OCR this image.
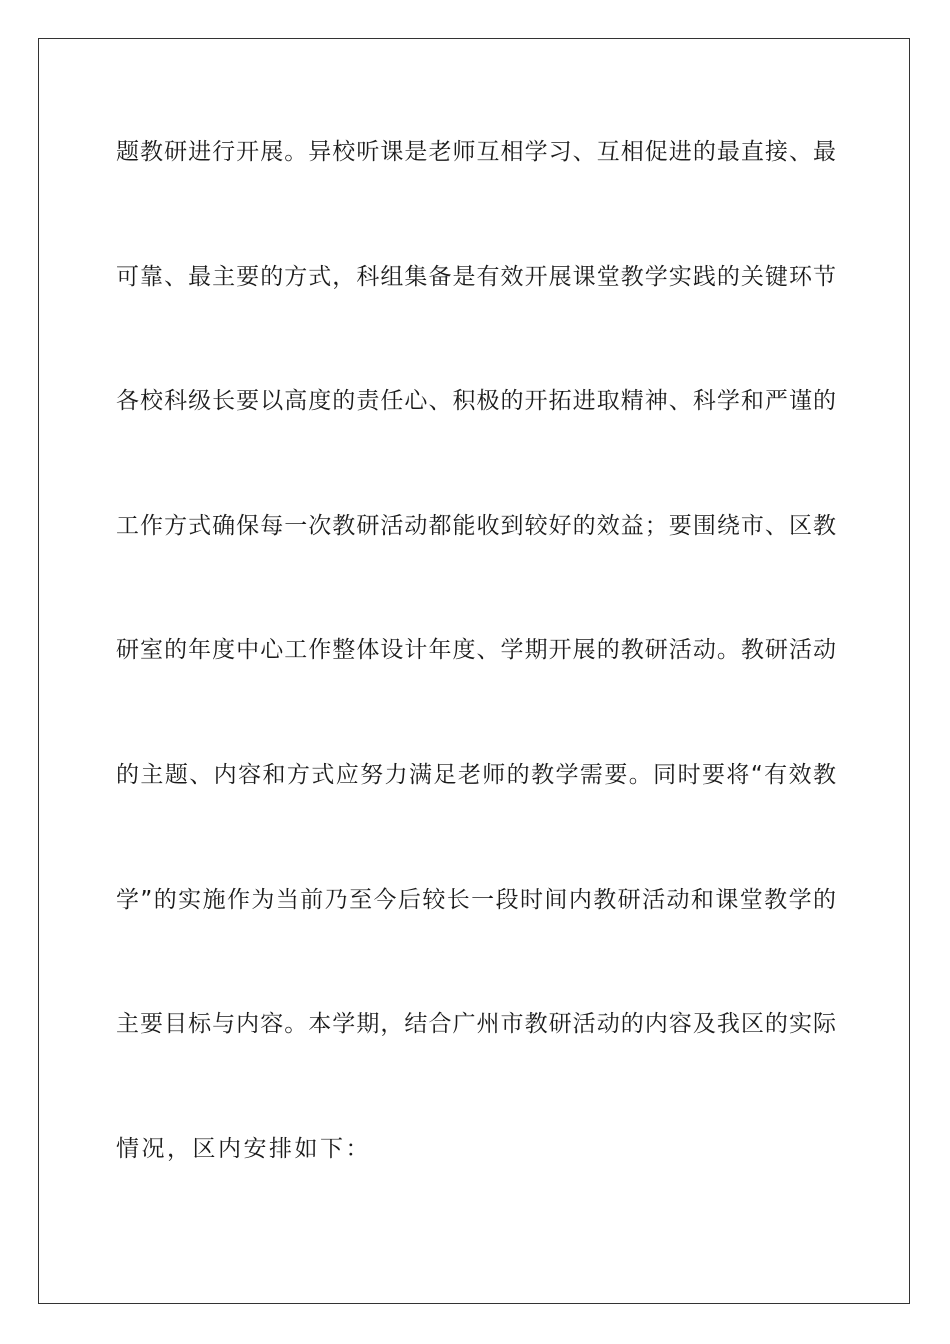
题教研进行开展。异校听课是老师互相学习、互相促进的最直接、最
可靠、最主要的方式，科组集备是有效开展课堂教学实践的关键环节
各校科级长要以高度的责任心、积极的开拓进取精神、科学和严谨的
工作方式确保每一次教研活动都能收到较好的效益；要围绕市、区教
研室的年度中心工作整体设计年度、学期开展的教研活动。教研活动
的主题、内容和方式应努力满足老师的教学需要。同时要将“有效教
学”的实施作为当前乃至今后较长一段时间内教研活动和课堂教学的
主要目标与内容。本学期，结合广州市教研活动的内容及我区的实际
情况，区内安排如下：
